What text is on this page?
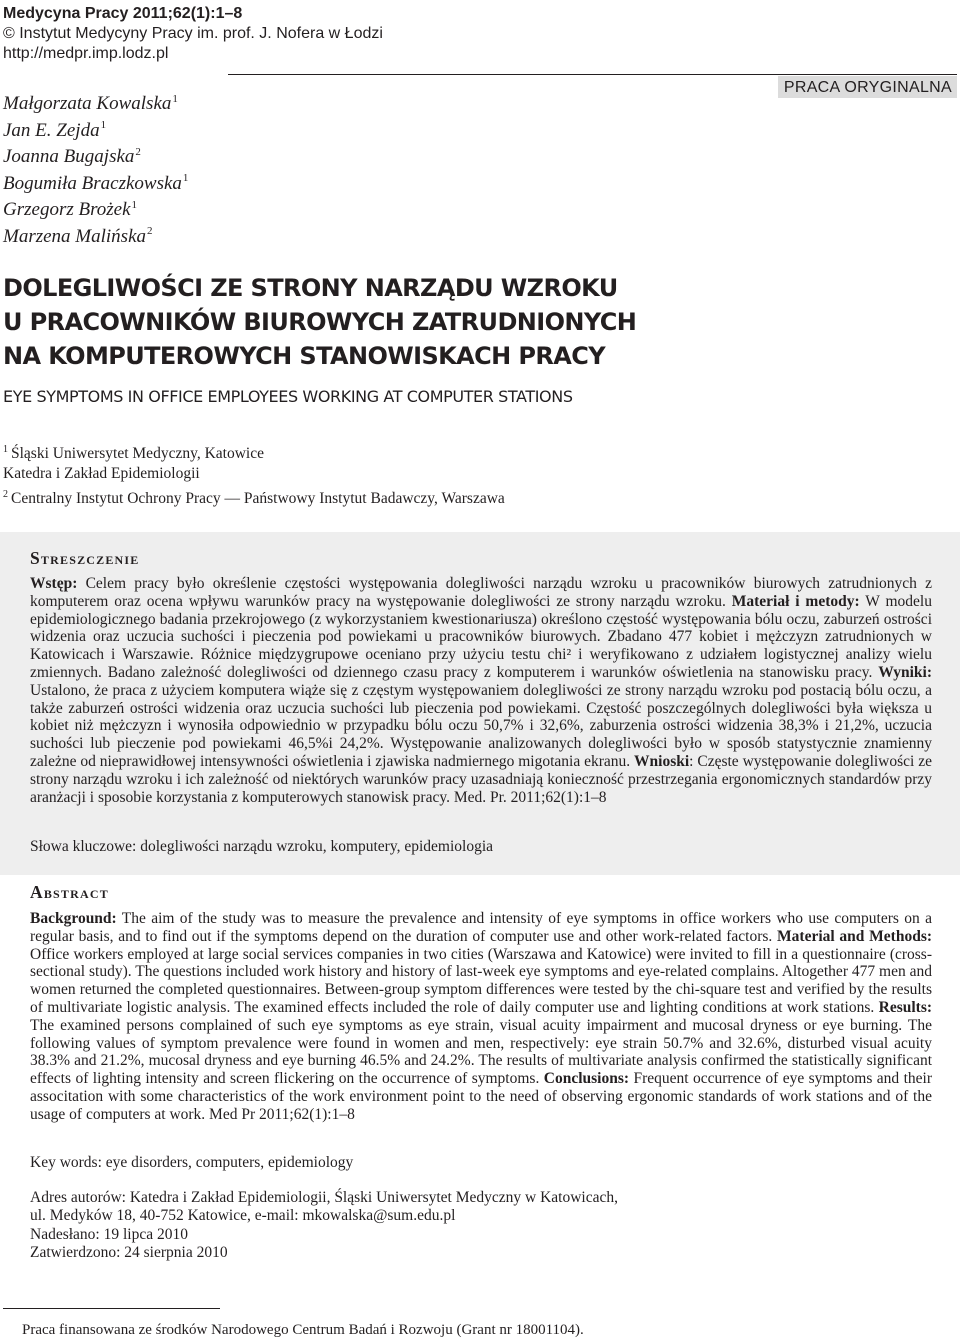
Medycyna Pracy 2011;62(1):1–8
© Instytut Medycyny Pracy im. prof. J. Nofera w Łodzi
http://medpr.imp.lodz.pl
PRACA ORYGINALNA
Małgorzata Kowalska$^1$
Jan E. Zejda$^1$
Joanna Bugajska$^2$
Bogumiła Braczkowska$^1$
Grzegorz Brożek$^1$
Marzena Malińska$^2$
DOLEGLIWOŚCI ZE STRONY NARZĄDU WZROKU
U PRACOWNIKÓW BIUROWYCH ZATRUDNIONYCH
NA KOMPUTEROWYCH STANOWISKACH PRACY
EYE SYMPTOMS IN OFFICE EMPLOYEES WORKING AT COMPUTER STATIONS
$^1$ Śląski Uniwersytet Medyczny, Katowice
Katedra i Zakład Epidemiologii
$^2$ Centralny Instytut Ochrony Pracy — Państwowy Instytut Badawczy, Warszawa
Streszczenie
Wstęp: Celem pracy było określenie częstości występowania dolegliwości narządu wzroku u pracowników biurowych zatrudnionych z komputerem oraz ocena wpływu warunków pracy na występowanie dolegliwości ze strony narządu wzroku. Materiał i metody: W modelu epidemiologicznego badania przekrojowego (z wykorzystaniem kwestionariusza) określono częstość występowania bólu oczu, zaburzeń ostrości widzenia oraz uczucia suchości i pieczenia pod powiekami u pracowników biurowych. Zbadano 477 kobiet i mężczyzn zatrudnionych w Katowicach i Warszawie. Różnice międzygrupowe oceniano przy użyciu testu chi² i weryfikowano z udziałem logistycznej analizy wielu zmiennych. Badano zależność dolegliwości od dziennego czasu pracy z komputerem i warunków oświetlenia na stanowisku pracy. Wyniki: Ustalono, że praca z użyciem komputera wiąże się z częstym występowaniem dolegliwości ze strony narządu wzroku pod postacią bólu oczu, a także zaburzeń ostrości widzenia oraz uczucia suchości lub pieczenia pod powiekami. Częstość poszczególnych dolegliwości była większa u kobiet niż mężczyzn i wynosiła odpowiednio w przypadku bólu oczu 50,7% i 32,6%, zaburzenia ostrości widzenia 38,3% i 21,2%, uczucia suchości lub pieczenie pod powiekami 46,5%i 24,2%. Występowanie analizowanych dolegliwości było w sposób statystycznie znamienny zależne od nieprawidłowej intensywności oświetlenia i zjawiska nadmiernego migotania ekranu. Wnioski: Częste występowanie dolegliwości ze strony narządu wzroku i ich zależność od niektórych warunków pracy uzasadniają konieczność przestrzegania ergonomicznych standardów przy aranżacji i sposobie korzystania z komputerowych stanowisk pracy. Med. Pr. 2011;62(1):1–8
Słowa kluczowe: dolegliwości narządu wzroku, komputery, epidemiologia
Abstract
Background: The aim of the study was to measure the prevalence and intensity of eye symptoms in office workers who use computers on a regular basis, and to find out if the symptoms depend on the duration of computer use and other work-related factors. Material and Methods: Office workers employed at large social services companies in two cities (Warszawa and Katowice) were invited to fill in a questionnaire (cross-sectional study). The questions included work history and history of last-week eye symptoms and eye-related complains. Altogether 477 men and women returned the completed questionnaires. Between-group symptom differences were tested by the chi-square test and verified by the results of multivariate logistic analysis. The examined effects included the role of daily computer use and lighting conditions at work stations. Results: The examined persons complained of such eye symptoms as eye strain, visual acuity impairment and mucosal dryness or eye burning. The following values of symptom prevalence were found in women and men, respectively: eye strain 50.7% and 32.6%, disturbed visual acuity 38.3% and 21.2%, mucosal dryness and eye burning 46.5% and 24.2%. The results of multivariate analysis confirmed the statistically significant effects of lighting intensity and screen flickering on the occurrence of symptoms. Conclusions: Frequent occurrence of eye symptoms and their associtation with some characteristics of the work environment point to the need of observing ergonomic standards of work stations and of the usage of computers at work. Med Pr 2011;62(1):1–8
Key words: eye disorders, computers, epidemiology
Adres autorów: Katedra i Zakład Epidemiologii, Śląski Uniwersytet Medyczny w Katowicach,
ul. Medyków 18, 40-752 Katowice, e-mail: mkowalska@sum.edu.pl
Nadesłano: 19 lipca 2010
Zatwierdzono: 24 sierpnia 2010
Praca finansowana ze środków Narodowego Centrum Badań i Rozwoju (Grant nr 18001104).
